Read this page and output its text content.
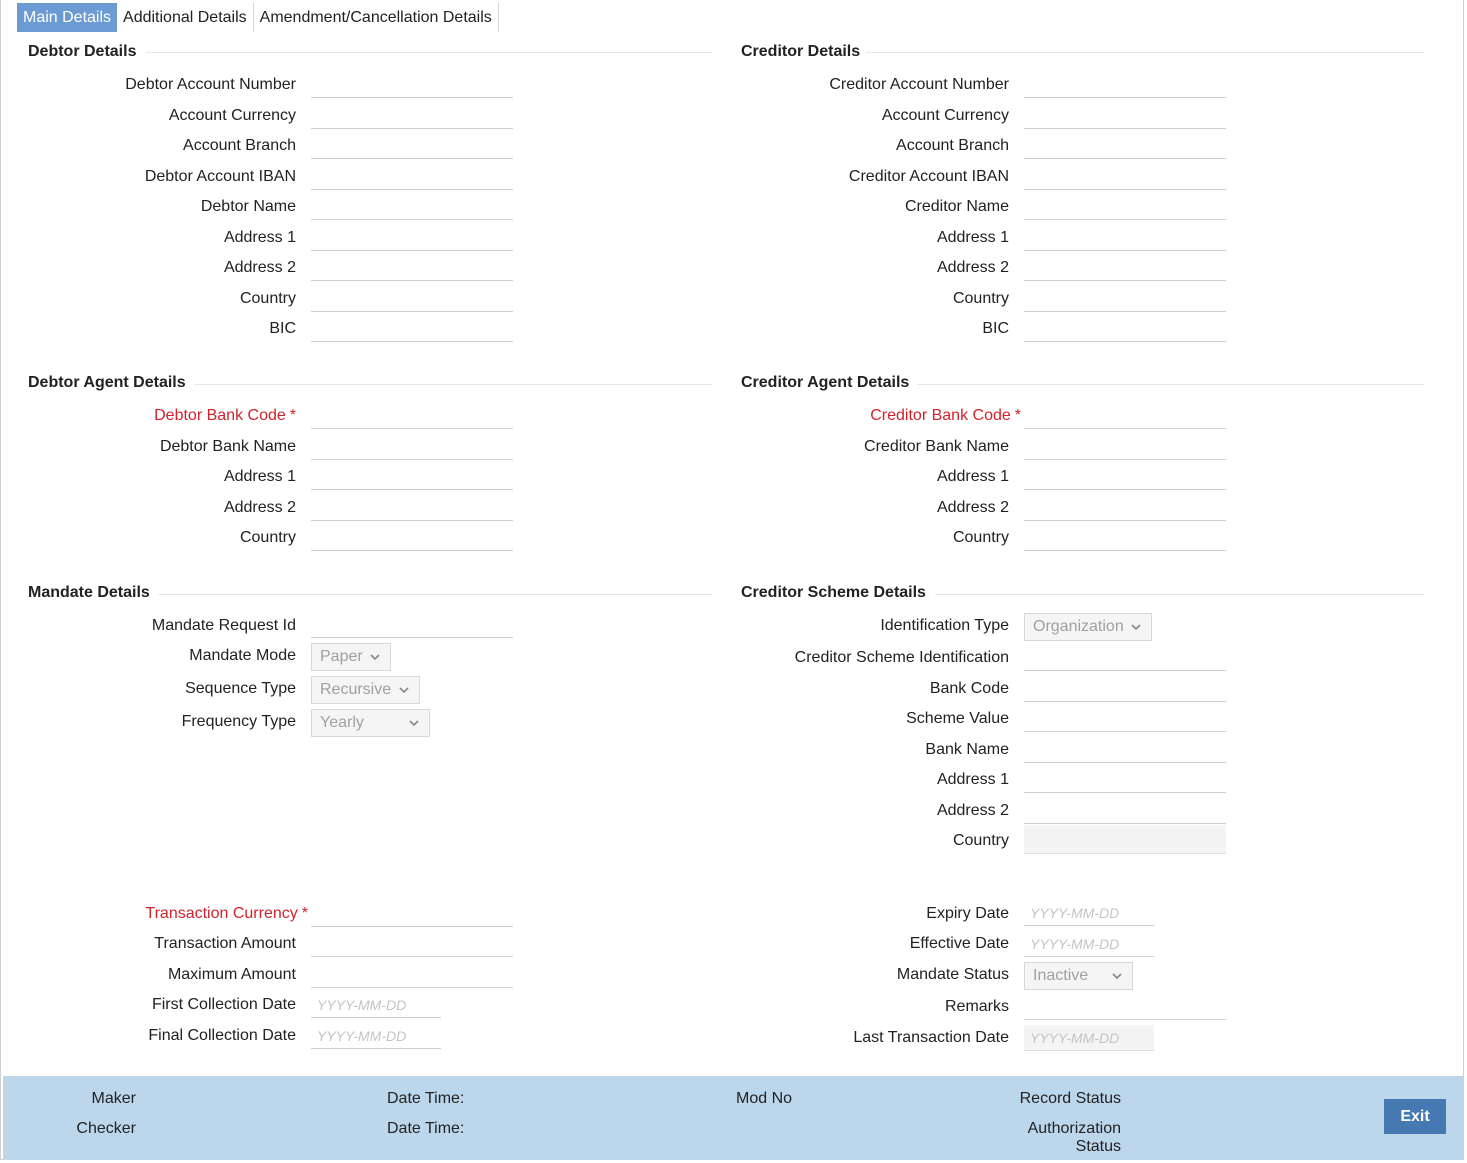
Main Details Additional Details Amendment/Cancellation Details
Debtor Details
Debtor Account Number
Account Currency
Account Branch
Debtor Account IBAN
Debtor Name
Address 1
Address 2
Country
BIC
Creditor Details
Creditor Account Number
Account Currency
Account Branch
Creditor Account IBAN
Creditor Name
Address 1
Address 2
Country
BIC
Debtor Agent Details
Debtor Bank Code *
Debtor Bank Name
Address 1
Address 2
Country
Creditor Agent Details
Creditor Bank Code *
Creditor Bank Name
Address 1
Address 2
Country
Mandate Details
Mandate Request Id
Mandate Mode Paper
Sequence Type Recursive
Frequency Type Yearly
Creditor Scheme Details
Identification Type Organization
Creditor Scheme Identification
Bank Code
Scheme Value
Bank Name
Address 1
Address 2
Country
Transaction Currency *
Transaction Amount
Maximum Amount
First Collection Date
YYYY-MM-DD
Final Collection Date
YYYY-MM-DD
Expiry Date
YYYY-MM-DD
Effective Date
YYYY-MM-DD
Mandate Status Inactive
Remarks
Last Transaction Date
YYYY-MM-DD
Maker
Checker
Date Time:
Date Time:
Mod No	Record Status
Authorization
Status
Exit
